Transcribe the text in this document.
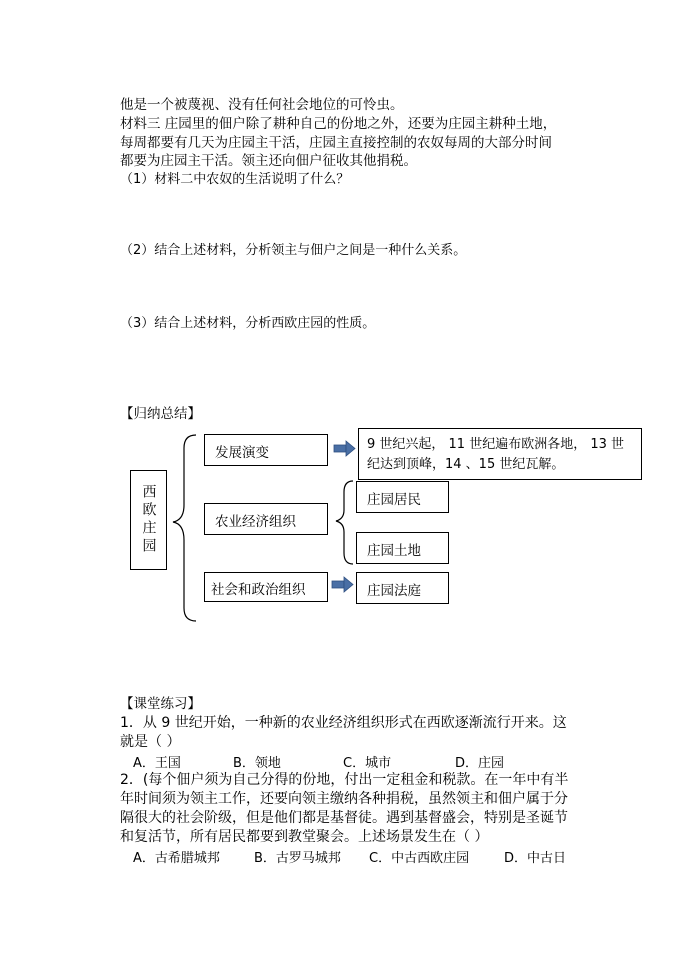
他是一个被蔑视、没有任何社会地位的可怜虫。
材料三 庄园里的佃户除了耕种自己的份地之外，还要为庄园主耕种土地，
每周都要有几天为庄园主干活，庄园主直接控制的农奴每周的大部分时间
都要为庄园主干活。领主还向佃户征收其他捐税。
（1）材料二中农奴的生活说明了什么？
（2）结合上述材料，分析领主与佃户之间是一种什么关系。
（3）结合上述材料，分析西欧庄园的性质。
【归纳总结】
西欧庄园
发展演变
农业经济组织
社会和政治组织
9 世纪兴起， 11 世纪遍布欧洲各地， 13 世
纪达到顶峰，14 、15 世纪瓦解。
庄园居民
庄园土地
庄园法庭
【课堂练习】
1．从 9 世纪开始，一种新的农业经济组织形式在西欧逐渐流行开来。这
就是（ ）
A．王国	B．领地	C．城市	D．庄园
2．(每个佃户须为自己分得的份地，付出一定租金和税款。在一年中有半
年时间须为领主工作，还要向领主缴纳各种捐税，虽然领主和佃户属于分
隔很大的社会阶级，但是他们都是基督徒。遇到基督盛会，特别是圣诞节
和复活节，所有居民都要到教堂聚会。上述场景发生在（ ）
A．古希腊城邦	B．古罗马城邦 C．中古西欧庄园	D．中古日
